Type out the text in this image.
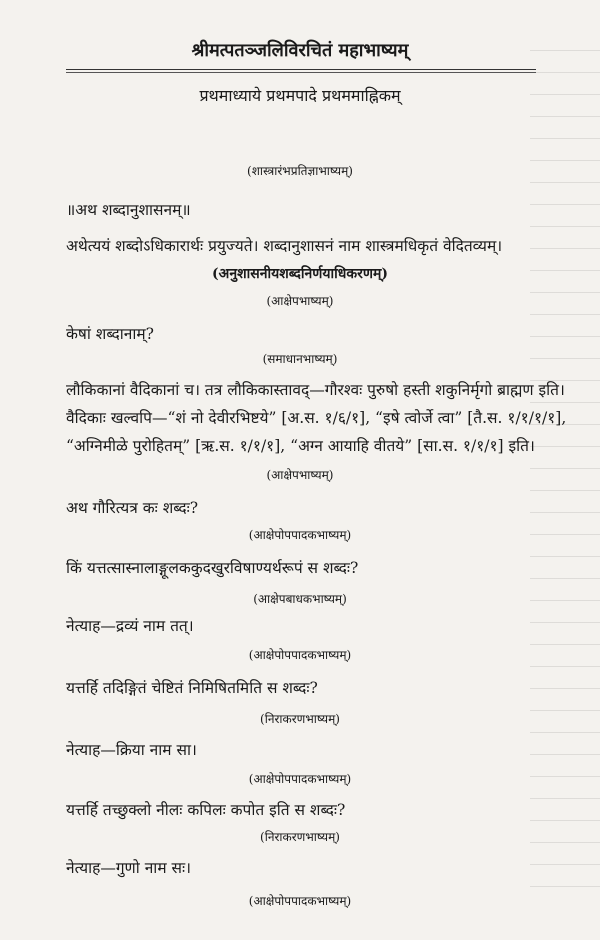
श्रीमत्पतञ्जलिविरचितं महाभाष्यम्
प्रथमाध्याये प्रथमपादे प्रथममाह्निकम्
(शास्त्रारंभप्रतिज्ञाभाष्यम्)
॥अथ शब्दानुशासनम्॥
अथेत्ययं शब्दोऽधिकारार्थः प्रयुज्यते। शब्दानुशासनं नाम शास्त्रमधिकृतं वेदितव्यम्।
(अनुशासनीयशब्दनिर्णयाधिकरणम्)
(आक्षेपभाष्यम्)
केषां शब्दानाम्?
(समाधानभाष्यम्)
लौकिकानां वैदिकानां च। तत्र लौकिकास्तावद्—गौरश्वः पुरुषो हस्ती शकुनिर्मृगो ब्राह्मण इति।
वैदिकाः खल्वपि—“शं नो देवीरभिष्टये” [अ.स. १/६/१], “इषे त्वोर्जे त्वा” [तै.स. १/१/१/१],
“अग्निमीळे पुरोहितम्” [ऋ.स. १/१/१], “अग्न आयाहि वीतये” [सा.स. १/१/१] इति।
(आक्षेपभाष्यम्)
अथ गौरित्यत्र कः शब्दः?
(आक्षेपोपपादकभाष्यम्)
किं यत्तत्सास्नालाङ्गूलककुदखुरविषाण्यर्थरूपं स शब्दः?
(आक्षेपबाधकभाष्यम्)
नेत्याह—द्रव्यं नाम तत्।
(आक्षेपोपपादकभाष्यम्)
यत्तर्हि तदिङ्गितं चेष्टितं निमिषितमिति स शब्दः?
(निराकरणभाष्यम्)
नेत्याह—क्रिया नाम सा।
(आक्षेपोपपादकभाष्यम्)
यत्तर्हि तच्छुक्लो नीलः कपिलः कपोत इति स शब्दः?
(निराकरणभाष्यम्)
नेत्याह—गुणो नाम सः।
(आक्षेपोपपादकभाष्यम्)
